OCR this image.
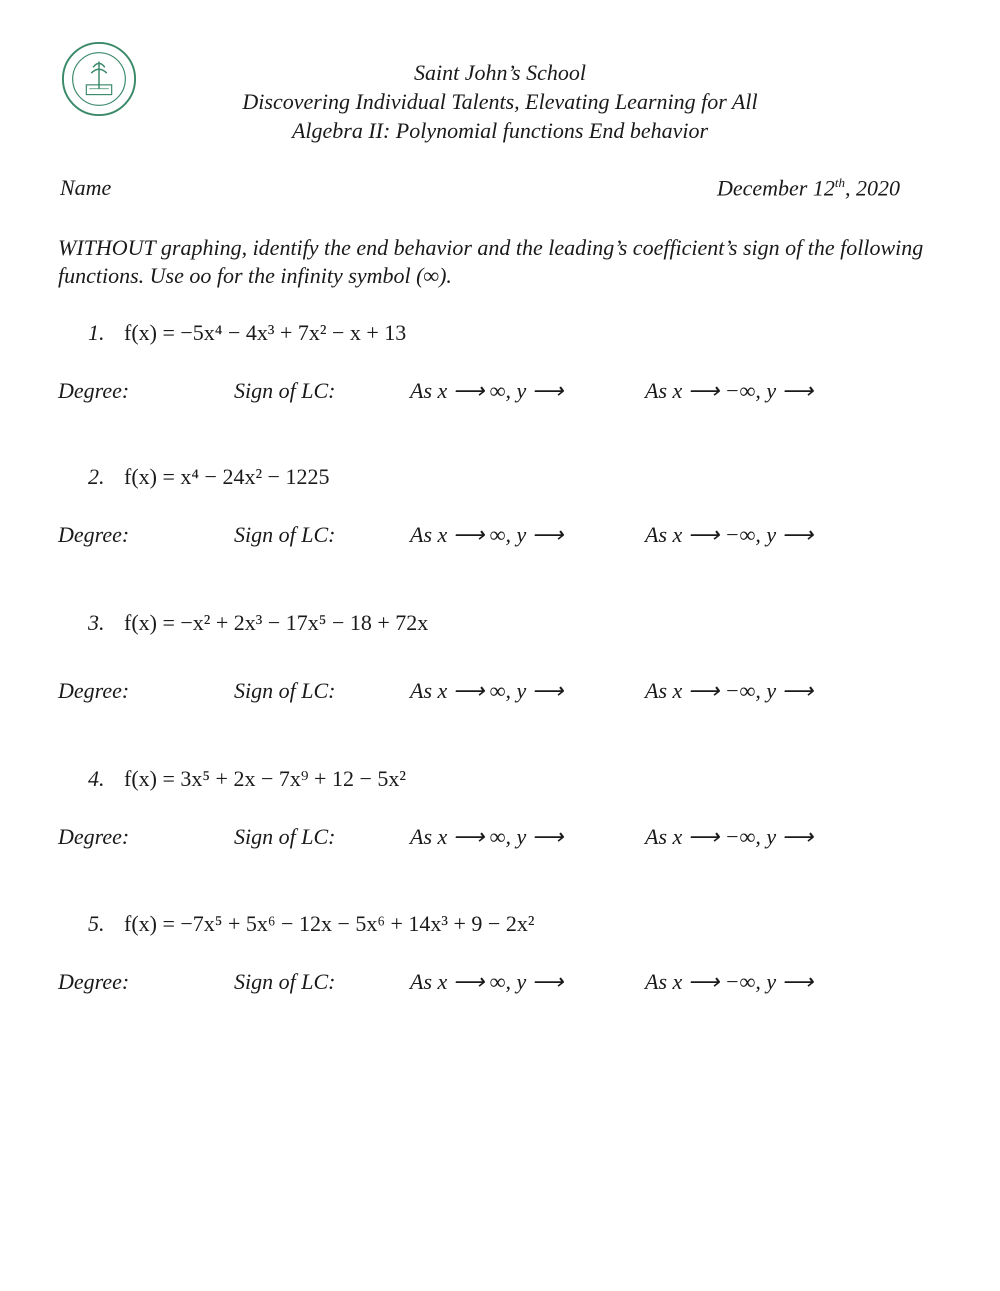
Saint John’s School
Discovering Individual Talents, Elevating Learning for All
Algebra II: Polynomial functions End behavior
Name	December 12th, 2020
WITHOUT graphing, identify the end behavior and the leading’s coefficient’s sign of the following functions. Use oo for the infinity symbol (∞).
1. f(x) = −5x⁴ − 4x³ + 7x² − x + 13
Degree:	Sign of LC:	As x ⟶ ∞, y ⟶	As x ⟶ −∞, y ⟶
2. f(x) = x⁴ − 24x² − 1225
Degree:	Sign of LC:	As x ⟶ ∞, y ⟶	As x ⟶ −∞, y ⟶
3. f(x) = −x² + 2x³ − 17x⁵ − 18 + 72x
Degree:	Sign of LC:	As x ⟶ ∞, y ⟶	As x ⟶ −∞, y ⟶
4. f(x) = 3x⁵ + 2x − 7x⁹ + 12 − 5x²
Degree:	Sign of LC:	As x ⟶ ∞, y ⟶	As x ⟶ −∞, y ⟶
5. f(x) = −7x⁵ + 5x⁶ − 12x − 5x⁶ + 14x³ + 9 − 2x²
Degree:	Sign of LC:	As x ⟶ ∞, y ⟶	As x ⟶ −∞, y ⟶
